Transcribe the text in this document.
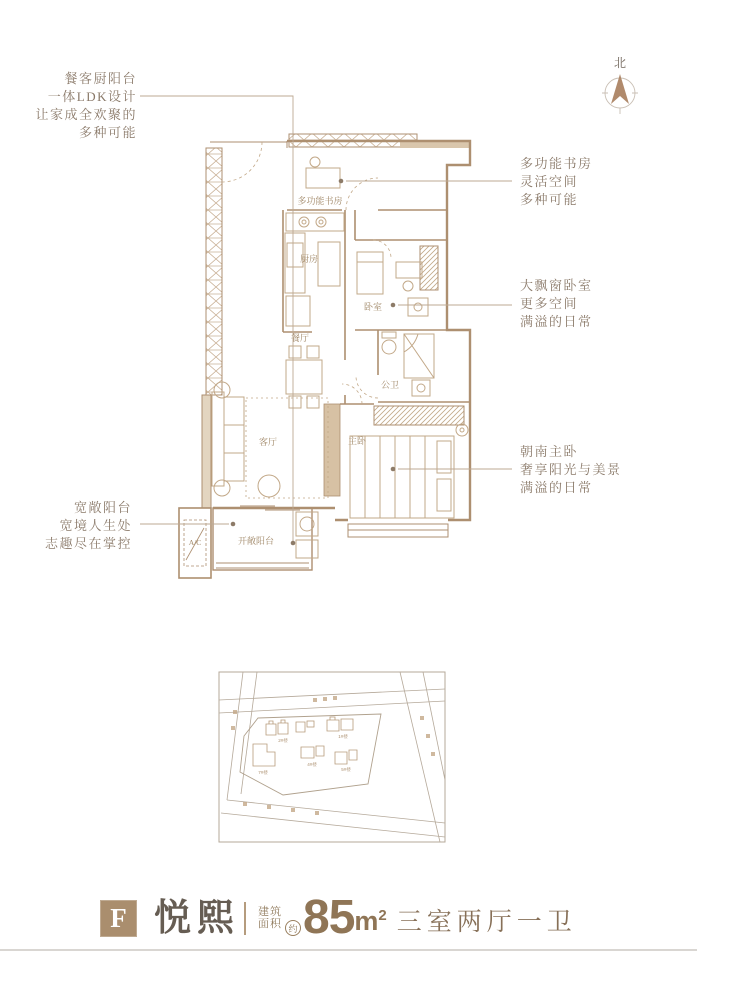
北
多功能书房
厨房
卧室
餐厅
公卫
客厅	主卧
开敞阳台
A/C
2#楼
1#楼
7#楼
4#楼
5#楼
餐客厨阳台
一体LDK设计
让家成全欢聚的
多种可能
多功能书房
灵活空间
多种可能
大飘窗卧室
更多空间
满溢的日常
朝南主卧
奢享阳光与美景
满溢的日常
宽敞阳台
宽境人生处
志趣尽在掌控
F 悦熙 建筑
面积 约 85 $m^2$ 三室两厅一卫
